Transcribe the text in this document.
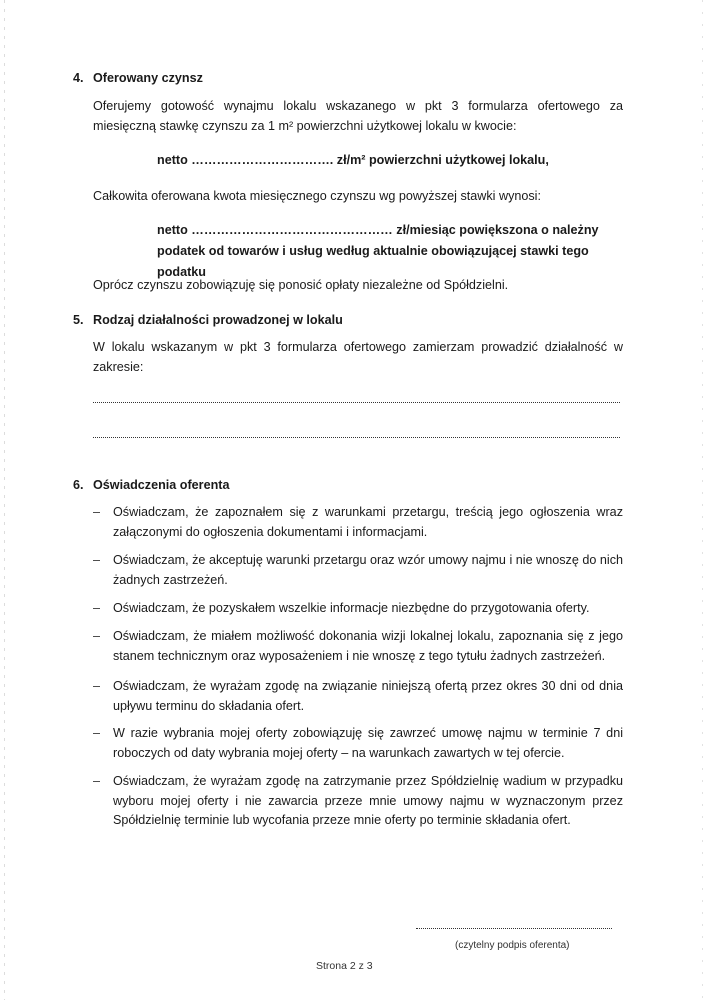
4. Oferowany czynsz
Oferujemy gotowość wynajmu lokalu wskazanego w pkt 3 formularza ofertowego za miesięczną stawkę czynszu za 1 m² powierzchni użytkowej lokalu w kwocie:
netto ……………………………. zł/m² powierzchni użytkowej lokalu,
Całkowita oferowana kwota miesięcznego czynszu wg powyższej stawki wynosi:
netto ………………………………………… zł/miesiąc powiększona o należny podatek od towarów i usług według aktualnie obowiązującej stawki tego podatku
Oprócz czynszu zobowiązuję się ponosić opłaty niezależne od Spółdzielni.
5. Rodzaj działalności prowadzonej w lokalu
W lokalu wskazanym w pkt 3 formularza ofertowego zamierzam prowadzić działalność w zakresie:
6. Oświadczenia oferenta
–	Oświadczam, że zapoznałem się z warunkami przetargu, treścią jego ogłoszenia wraz załączonymi do ogłoszenia dokumentami i informacjami.
–	Oświadczam, że akceptuję warunki przetargu oraz wzór umowy najmu i nie wnoszę do nich żadnych zastrzeżeń.
–	Oświadczam, że pozyskałem wszelkie informacje niezbędne do przygotowania oferty.
–	Oświadczam, że miałem możliwość dokonania wizji lokalnej lokalu, zapoznania się z jego stanem technicznym oraz wyposażeniem i nie wnoszę z tego tytułu żadnych zastrzeżeń.
–	Oświadczam, że wyrażam zgodę na związanie niniejszą ofertą przez okres 30 dni od dnia upływu terminu do składania ofert.
–	W razie wybrania mojej oferty zobowiązuję się zawrzeć umowę najmu w terminie 7 dni roboczych od daty wybrania mojej oferty – na warunkach zawartych w tej ofercie.
–	Oświadczam, że wyrażam zgodę na zatrzymanie przez Spółdzielnię wadium w przypadku wyboru mojej oferty i nie zawarcia przeze mnie umowy najmu w wyznaczonym przez Spółdzielnię terminie lub wycofania przeze mnie oferty po terminie składania ofert.
(czytelny podpis oferenta)
Strona 2 z 3
